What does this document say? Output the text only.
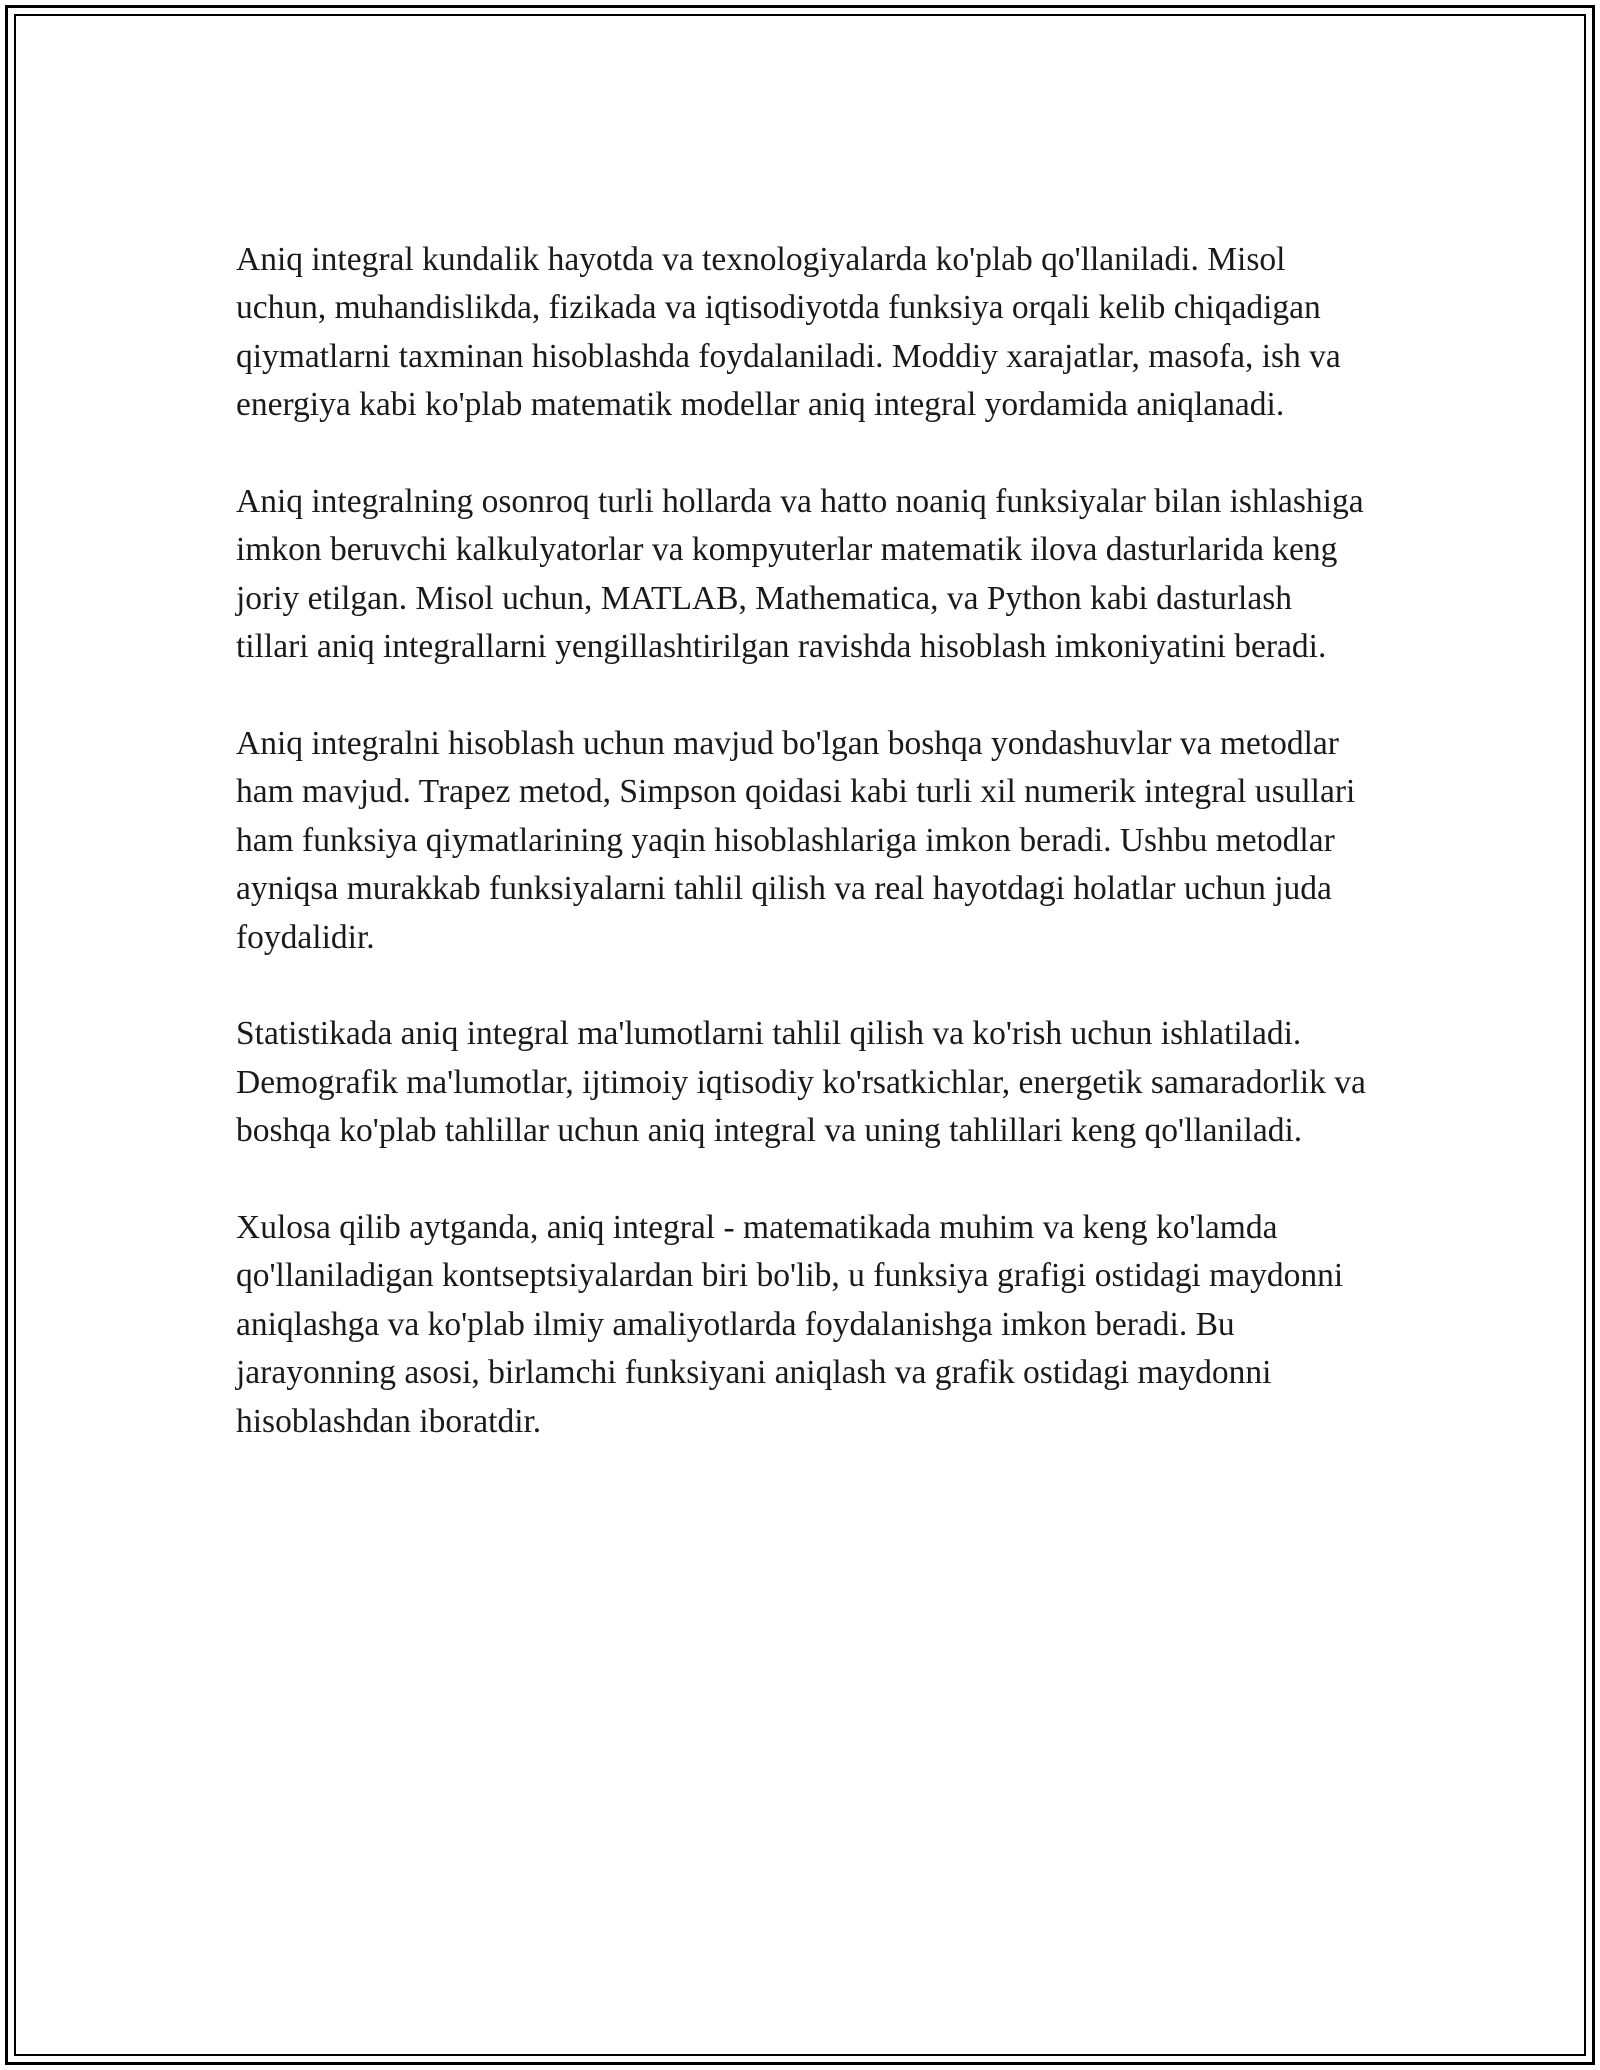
Aniq integral kundalik hayotda va texnologiyalarda ko'plab qo'llaniladi. Misol uchun, muhandislikda, fizikada va iqtisodiyotda funksiya orqali kelib chiqadigan qiymatlarni taxminan hisoblashda foydalaniladi. Moddiy xarajatlar, masofa, ish va energiya kabi ko'plab matematik modellar aniq integral yordamida aniqlanadi.

Aniq integralning osonroq turli hollarda va hatto noaniq funksiyalar bilan ishlashiga imkon beruvchi kalkulyatorlar va kompyuterlar matematik ilova dasturlarida keng joriy etilgan. Misol uchun, MATLAB, Mathematica, va Python kabi dasturlash tillari aniq integrallarni yengillashtirilgan ravishda hisoblash imkoniyatini beradi.

Aniq integralni hisoblash uchun mavjud bo'lgan boshqa yondashuvlar va metodlar ham mavjud. Trapez metod, Simpson qoidasi kabi turli xil numerik integral usullari ham funksiya qiymatlarining yaqin hisoblashlariga imkon beradi. Ushbu metodlar ayniqsa murakkab funksiyalarni tahlil qilish va real hayotdagi holatlar uchun juda foydalidir.

Statistikada aniq integral ma'lumotlarni tahlil qilish va ko'rish uchun ishlatiladi. Demografik ma'lumotlar, ijtimoiy iqtisodiy ko'rsatkichlar, energetik samaradorlik va boshqa ko'plab tahlillar uchun aniq integral va uning tahlillari keng qo'llaniladi.

Xulosa qilib aytganda, aniq integral - matematikada muhim va keng ko'lamda qo'llaniladigan kontseptsiyalardan biri bo'lib, u funksiya grafigi ostidagi maydonni aniqlashga va ko'plab ilmiy amaliyotlarda foydalanishga imkon beradi. Bu jarayonning asosi, birlamchi funksiyani aniqlash va grafik ostidagi maydonni hisoblashdan iboratdir.
